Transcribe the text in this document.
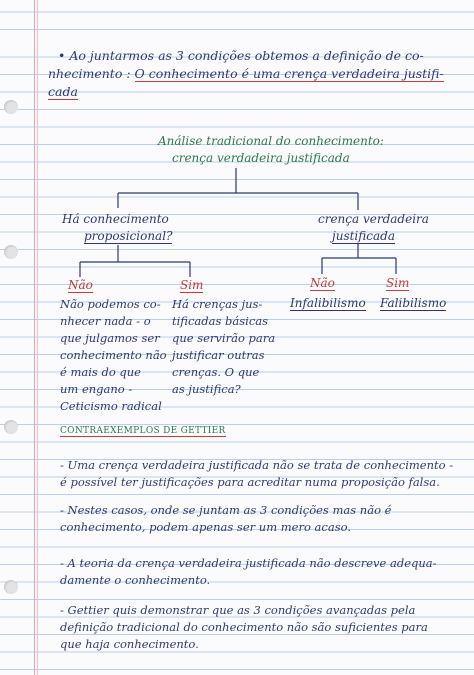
• Ao juntarmos as 3 condições obtemos a definição de co-
nhecimento : O conhecimento é uma crença verdadeira justifi-
cada
Análise tradicional do conhecimento:
crença verdadeira justificada
Há conhecimento
proposicional?
crença verdadeira
justificada
Não	Sim	Não	Sim
Infalibilismo Falibilismo
Não podemos co-
nhecer nada - o
que julgamos ser
conhecimento não
é mais do que
um engano -
Ceticismo radical
Há crenças jus-
tificadas básicas
que servirão para
justificar outras
crenças. O que
as justifica?
CONTRAEXEMPLOS DE GETTIER
- Uma crença verdadeira justificada não se trata de conhecimento -
é possível ter justificações para acreditar numa proposição falsa.
- Nestes casos, onde se juntam as 3 condições mas não é
conhecimento, podem apenas ser um mero acaso.
- A teoria da crença verdadeira justificada não descreve adequa-
damente o conhecimento.
- Gettier quis demonstrar que as 3 condições avançadas pela
definição tradicional do conhecimento não são suficientes para
que haja conhecimento.
